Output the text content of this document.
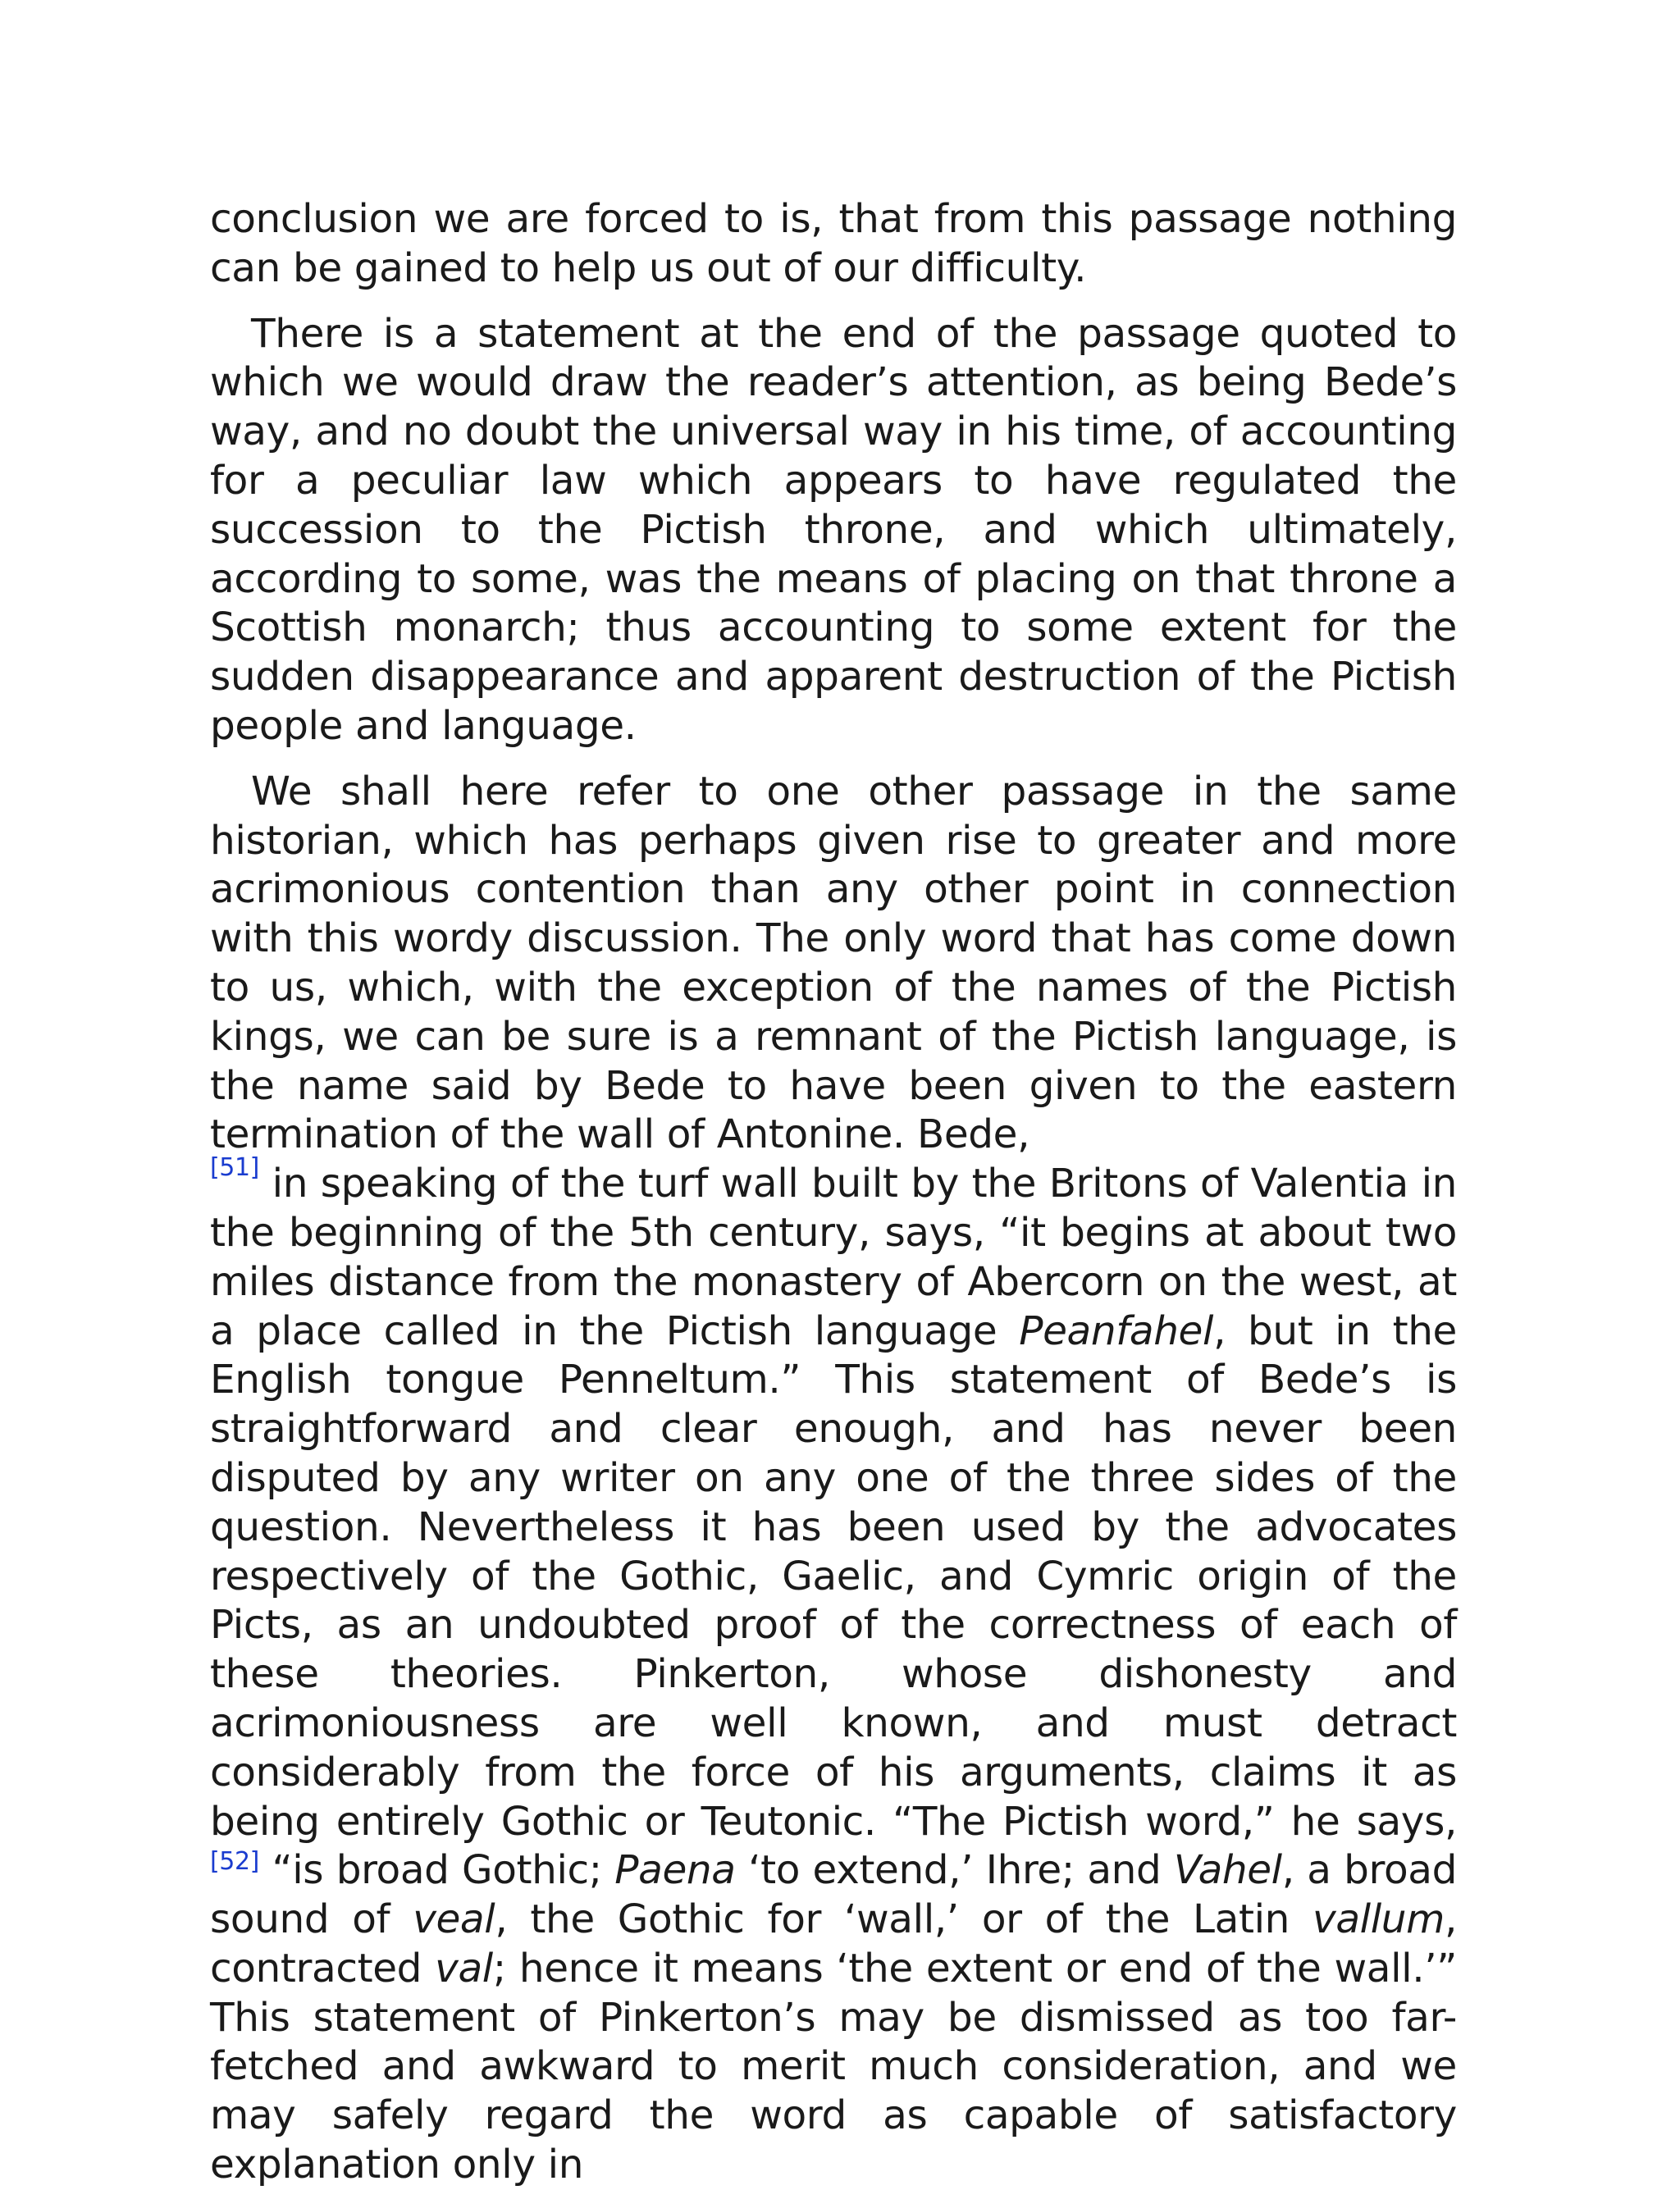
conclusion we are forced to is, that from this passage nothing can be gained to help us out of our difficulty.

There is a statement at the end of the passage quoted to which we would draw the reader’s attention, as being Bede’s way, and no doubt the universal way in his time, of accounting for a peculiar law which appears to have regulated the succession to the Pictish throne, and which ultimately, according to some, was the means of placing on that throne a Scottish monarch; thus accounting to some extent for the sudden disappearance and apparent destruction of the Pictish people and language.

We shall here refer to one other passage in the same historian, which has perhaps given rise to greater and more acrimonious contention than any other point in connection with this wordy discussion. The only word that has come down to us, which, with the exception of the names of the Pictish kings, we can be sure is a remnant of the Pictish language, is the name said by Bede to have been given to the eastern termination of the wall of Antonine. Bede,
[51] in speaking of the turf wall built by the Britons of Valentia in the beginning of the 5th century, says, “it begins at about two miles distance from the monastery of Abercorn on the west, at a place called in the Pictish language Peanfahel, but in the English tongue Penneltum.” This statement of Bede’s is straightforward and clear enough, and has never been disputed by any writer on any one of the three sides of the question. Nevertheless it has been used by the advocates respectively of the Gothic, Gaelic, and Cymric origin of the Picts, as an undoubted proof of the correctness of each of these theories. Pinkerton, whose dishonesty and acrimoniousness are well known, and must detract considerably from the force of his arguments, claims it as being entirely Gothic or Teutonic. “The Pictish word,” he says,[52] “is broad Gothic; Paena ‘to extend,’ Ihre; and Vahel, a broad sound of veal, the Gothic for ‘wall,’ or of the Latin vallum, contracted val; hence it means ‘the extent or end of the wall.’” This statement of Pinkerton’s may be dismissed as too far-fetched and awkward to merit much consideration, and we may safely regard the word as capable of satisfactory explanation only in
